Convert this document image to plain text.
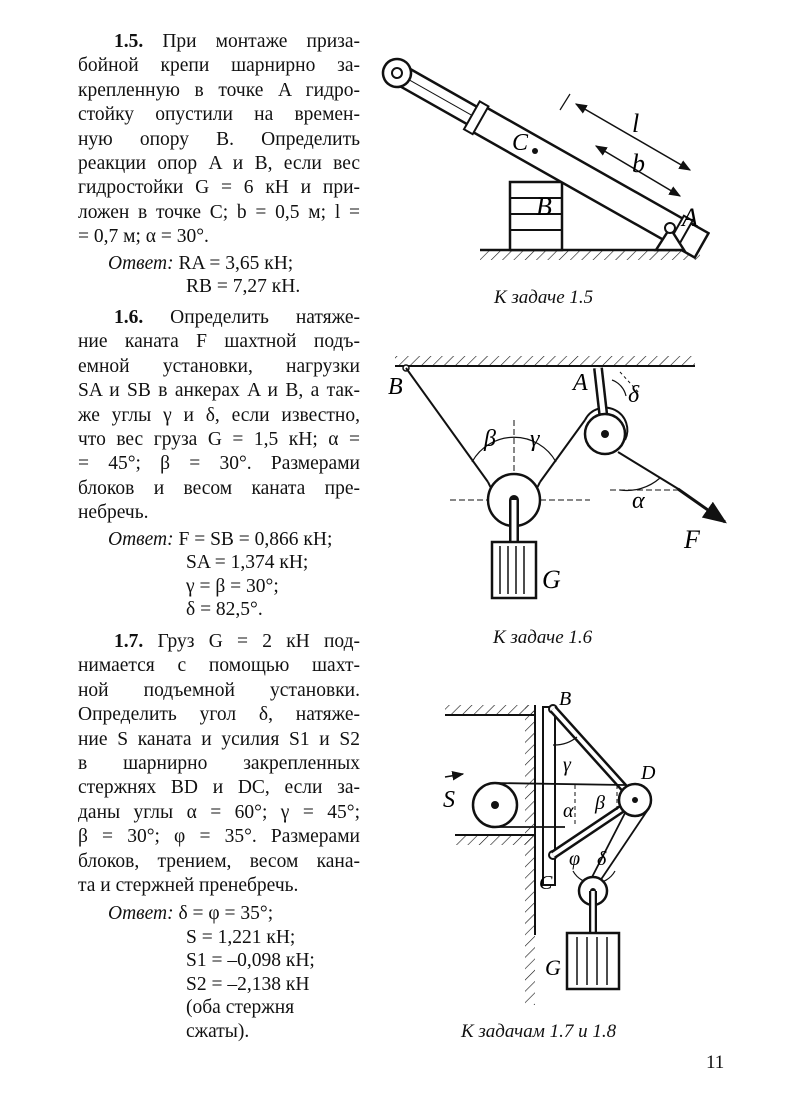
1.5. При монтаже приза-
бойной крепи шарнирно за-
крепленную в точке A гидро-
стойку опустили на времен-
ную опору B. Определить
реакции опор A и B, если вес
гидростойки G = 6 кН и при-
ложен в точке C; b = 0,5 м; l =
= 0,7 м; α = 30°.
Ответ: RA = 3,65 кН;
RB = 7,27 кН.
1.6. Определить натяже-
ние каната F шахтной подъ-
емной установки, нагрузки
SA и SB в анкерах A и B, а так-
же углы γ и δ, если известно,
что вес груза G = 1,5 кН; α =
= 45°; β = 30°. Размерами
блоков и весом каната пре-
небречь.
Ответ: F = SB = 0,866 кН;
SA = 1,374 кН;
γ = β = 30°;
δ = 82,5°.
1.7. Груз G = 2 кН под-
нимается с помощью шахт-
ной подъемной установки.
Определить угол δ, натяже-
ние S каната и усилия S1 и S2
в шарнирно закрепленных
стержнях BD и DC, если за-
даны углы α = 60°; γ = 45°;
β = 30°; φ = 35°. Размерами
блоков, трением, весом кана-
та и стержней пренебречь.
Ответ: δ = φ = 35°;
S = 1,221 кН;
S1 = –0,098 кН;
S2 = –2,138 кН
(оба стержня
сжаты).
C
A
B
l
b
К задаче 1.5
B	A δ
β γ
α
F
G
К задаче 1.6
B
C
D
S
γ
α β
φ δ
G
К задачам 1.7 и 1.8
11
